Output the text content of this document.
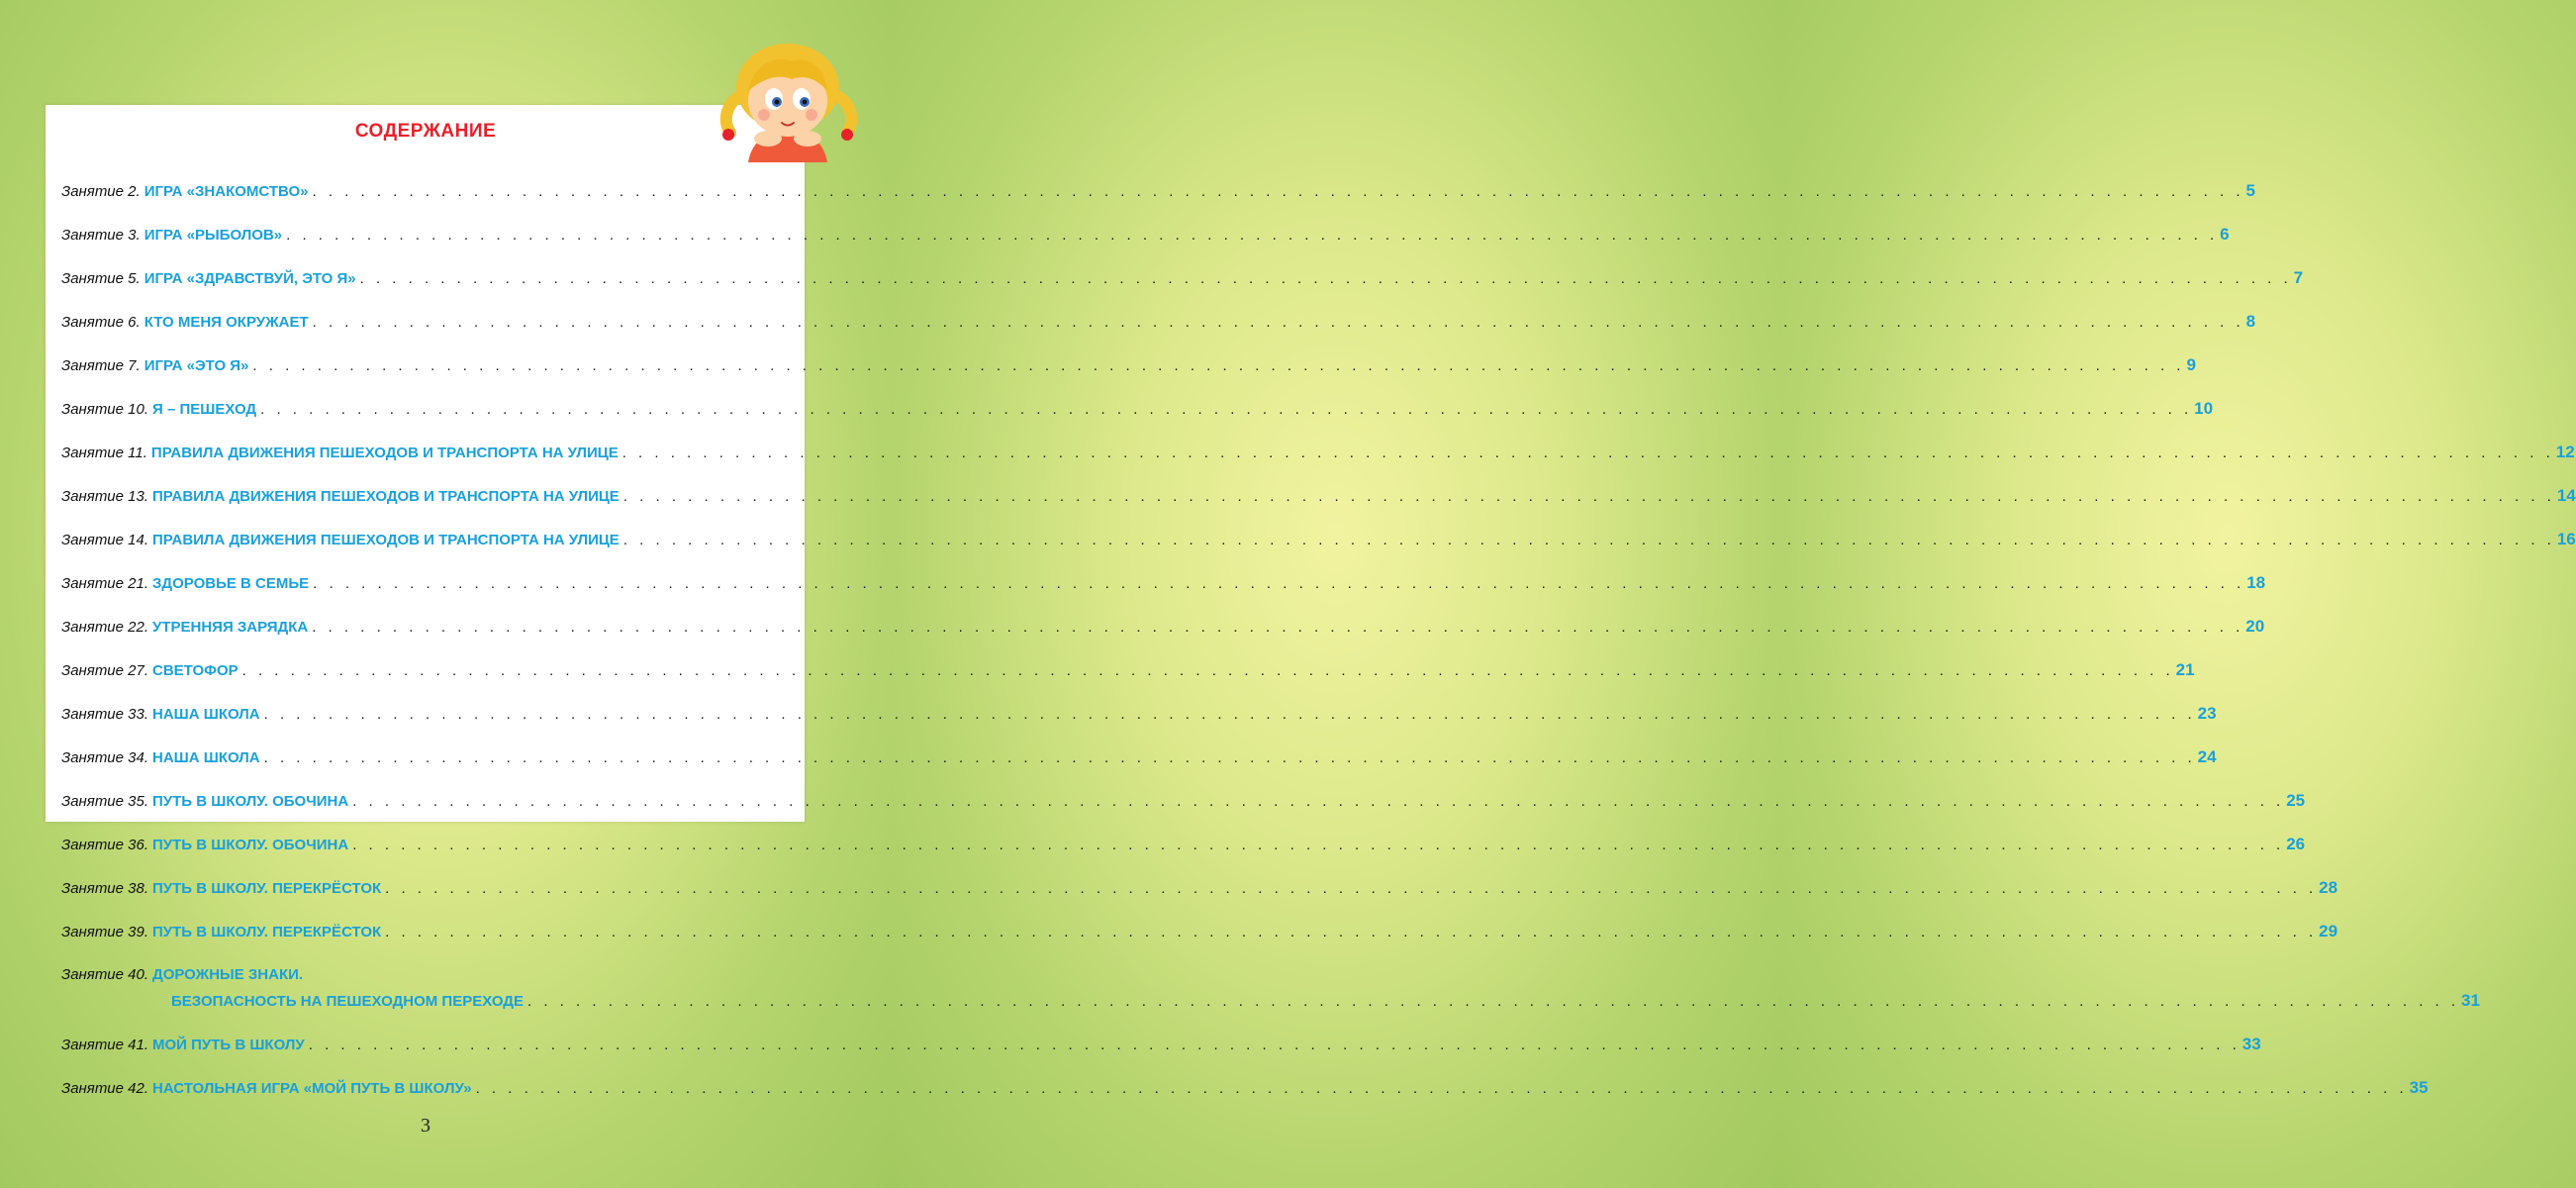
СОДЕРЖАНИЕ
Занятие 2. ИГРА «ЗНАКОМСТВО» . . . . . . . . . . . . . . . . . . . . . . . . . . . . . . . . . . . . . . . . . . . . . . . . . . . . . . . . . . . . . . . . . . . . . . . . . . . . . . . . . . . . . . . . . . . . . . . . . . . . . . . . . . . . . . . . . . . . . . . . 5
Занятие 3. ИГРА «РЫБОЛОВ» . . . . . . . . . . . . . . . . . . . . . . . . . . . . . . . . . . . . . . . . . . . . . . . . . . . . . . . . . . . . . . . . . . . . . . . . . . . . . . . . . . . . . . . . . . . . . . . . . . . . . . . . . . . . . . . . . . . . . . . . 6
Занятие 5. ИГРА «ЗДРАВСТВУЙ, ЭТО Я» . . . . . . . . . . . . . . . . . . . . . . . . . . . . . . . . . . . . . . . . . . . . . . . . . . . . . . . . . . . . . . . . . . . . . . . . . . . . . . . . . . . . . . . . . . . . . . . . . . . . . . . . . . . . . . . . . . . . . . . . 7
Занятие 6. КТО МЕНЯ ОКРУЖАЕТ . . . . . . . . . . . . . . . . . . . . . . . . . . . . . . . . . . . . . . . . . . . . . . . . . . . . . . . . . . . . . . . . . . . . . . . . . . . . . . . . . . . . . . . . . . . . . . . . . . . . . . . . . . . . . . . . . . . . . . . . 8
Занятие 7. ИГРА «ЭТО Я» . . . . . . . . . . . . . . . . . . . . . . . . . . . . . . . . . . . . . . . . . . . . . . . . . . . . . . . . . . . . . . . . . . . . . . . . . . . . . . . . . . . . . . . . . . . . . . . . . . . . . . . . . . . . . . . . . . . . . . . . 9
Занятие 10. Я – ПЕШЕХОД . . . . . . . . . . . . . . . . . . . . . . . . . . . . . . . . . . . . . . . . . . . . . . . . . . . . . . . . . . . . . . . . . . . . . . . . . . . . . . . . . . . . . . . . . . . . . . . . . . . . . . . . . . . . . . . . . . . . . . . . 10
Занятие 11. ПРАВИЛА ДВИЖЕНИЯ ПЕШЕХОДОВ И ТРАНСПОРТА НА УЛИЦЕ . . . . . . . . . . . . . . . . . . . . . . . . . . . . . . . . . . . . . . . . . . . . . . . . . . . . . . . . . . . . . . . . . . . . . . . . . . . . . . . . . . . . . . . . . . . . . . . . . . . . . . . . . . . . . . . . . . . . . . . . 12
Занятие 13. ПРАВИЛА ДВИЖЕНИЯ ПЕШЕХОДОВ И ТРАНСПОРТА НА УЛИЦЕ . . . . . . . . . . . . . . . . . . . . . . . . . . . . . . . . . . . . . . . . . . . . . . . . . . . . . . . . . . . . . . . . . . . . . . . . . . . . . . . . . . . . . . . . . . . . . . . . . . . . . . . . . . . . . . . . . . . . . . . . 14
Занятие 14. ПРАВИЛА ДВИЖЕНИЯ ПЕШЕХОДОВ И ТРАНСПОРТА НА УЛИЦЕ . . . . . . . . . . . . . . . . . . . . . . . . . . . . . . . . . . . . . . . . . . . . . . . . . . . . . . . . . . . . . . . . . . . . . . . . . . . . . . . . . . . . . . . . . . . . . . . . . . . . . . . . . . . . . . . . . . . . . . . . 16
Занятие 21. ЗДОРОВЬЕ В СЕМЬЕ . . . . . . . . . . . . . . . . . . . . . . . . . . . . . . . . . . . . . . . . . . . . . . . . . . . . . . . . . . . . . . . . . . . . . . . . . . . . . . . . . . . . . . . . . . . . . . . . . . . . . . . . . . . . . . . . . . . . . . . . 18
Занятие 22. УТРЕННЯЯ ЗАРЯДКА . . . . . . . . . . . . . . . . . . . . . . . . . . . . . . . . . . . . . . . . . . . . . . . . . . . . . . . . . . . . . . . . . . . . . . . . . . . . . . . . . . . . . . . . . . . . . . . . . . . . . . . . . . . . . . . . . . . . . . . . 20
Занятие 27. СВЕТОФОР . . . . . . . . . . . . . . . . . . . . . . . . . . . . . . . . . . . . . . . . . . . . . . . . . . . . . . . . . . . . . . . . . . . . . . . . . . . . . . . . . . . . . . . . . . . . . . . . . . . . . . . . . . . . . . . . . . . . . . . . 21
Занятие 33. НАША ШКОЛА . . . . . . . . . . . . . . . . . . . . . . . . . . . . . . . . . . . . . . . . . . . . . . . . . . . . . . . . . . . . . . . . . . . . . . . . . . . . . . . . . . . . . . . . . . . . . . . . . . . . . . . . . . . . . . . . . . . . . . . . 23
Занятие 34. НАША ШКОЛА . . . . . . . . . . . . . . . . . . . . . . . . . . . . . . . . . . . . . . . . . . . . . . . . . . . . . . . . . . . . . . . . . . . . . . . . . . . . . . . . . . . . . . . . . . . . . . . . . . . . . . . . . . . . . . . . . . . . . . . . 24
Занятие 35. ПУТЬ В ШКОЛУ. ОБОЧИНА . . . . . . . . . . . . . . . . . . . . . . . . . . . . . . . . . . . . . . . . . . . . . . . . . . . . . . . . . . . . . . . . . . . . . . . . . . . . . . . . . . . . . . . . . . . . . . . . . . . . . . . . . . . . . . . . . . . . . . . . 25
Занятие 36. ПУТЬ В ШКОЛУ. ОБОЧИНА . . . . . . . . . . . . . . . . . . . . . . . . . . . . . . . . . . . . . . . . . . . . . . . . . . . . . . . . . . . . . . . . . . . . . . . . . . . . . . . . . . . . . . . . . . . . . . . . . . . . . . . . . . . . . . . . . . . . . . . . 26
Занятие 38. ПУТЬ В ШКОЛУ. ПЕРЕКРЁСТОК . . . . . . . . . . . . . . . . . . . . . . . . . . . . . . . . . . . . . . . . . . . . . . . . . . . . . . . . . . . . . . . . . . . . . . . . . . . . . . . . . . . . . . . . . . . . . . . . . . . . . . . . . . . . . . . . . . . . . . . . 28
Занятие 39. ПУТЬ В ШКОЛУ. ПЕРЕКРЁСТОК . . . . . . . . . . . . . . . . . . . . . . . . . . . . . . . . . . . . . . . . . . . . . . . . . . . . . . . . . . . . . . . . . . . . . . . . . . . . . . . . . . . . . . . . . . . . . . . . . . . . . . . . . . . . . . . . . . . . . . . . 29
Занятие 40. ДОРОЖНЫЕ ЗНАКИ.
БЕЗОПАСНОСТЬ НА ПЕШЕХОДНОМ ПЕРЕХОДЕ . . . . . . . . . . . . . . . . . . . . . . . . . . . . . . . . . . . . . . . . . . . . . . . . . . . . . . . . . . . . . . . . . . . . . . . . . . . . . . . . . . . . . . . . . . . . . . . . . . . . . . . . . . . . . . . . . . . . . . . . 31
Занятие 41. МОЙ ПУТЬ В ШКОЛУ . . . . . . . . . . . . . . . . . . . . . . . . . . . . . . . . . . . . . . . . . . . . . . . . . . . . . . . . . . . . . . . . . . . . . . . . . . . . . . . . . . . . . . . . . . . . . . . . . . . . . . . . . . . . . . . . . . . . . . . . 33
Занятие 42. НАСТОЛЬНАЯ ИГРА «МОЙ ПУТЬ В ШКОЛУ» . . . . . . . . . . . . . . . . . . . . . . . . . . . . . . . . . . . . . . . . . . . . . . . . . . . . . . . . . . . . . . . . . . . . . . . . . . . . . . . . . . . . . . . . . . . . . . . . . . . . . . . . . . . . . . . . . . . . . . . . 35
3
